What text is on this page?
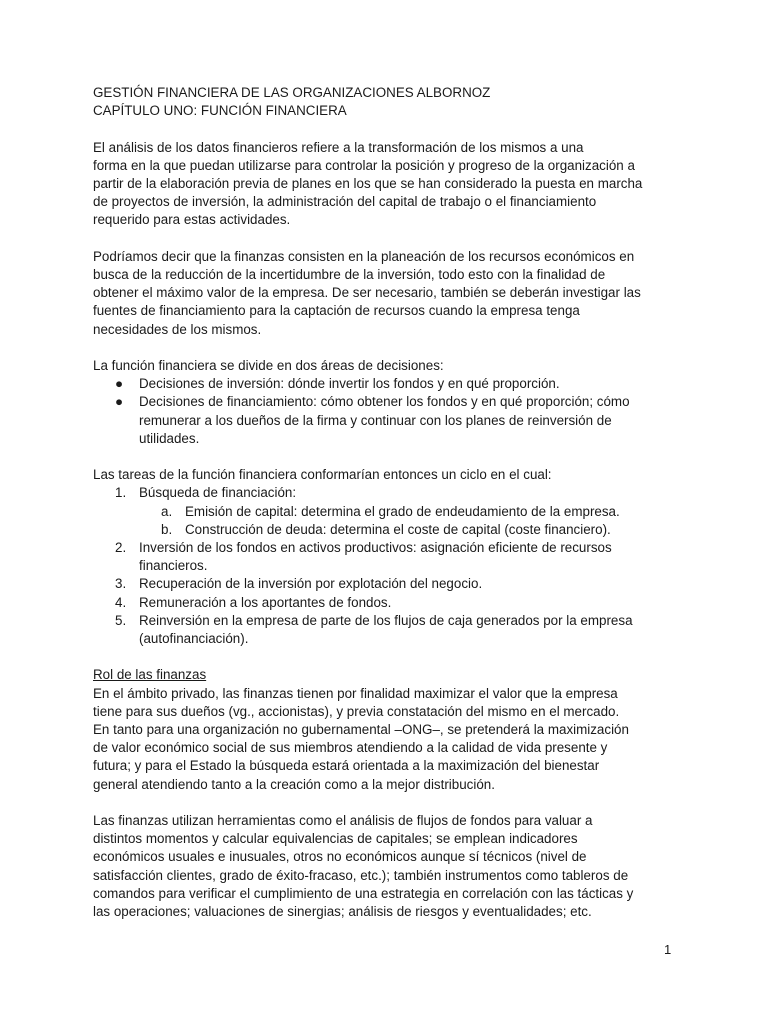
GESTIÓN FINANCIERA DE LAS ORGANIZACIONES ALBORNOZ
CAPÍTULO UNO: FUNCIÓN FINANCIERA
El análisis de los datos financieros refiere a la transformación de los mismos a una
forma en la que puedan utilizarse para controlar la posición y progreso de la organización a
partir de la elaboración previa de planes en los que se han considerado la puesta en marcha
de proyectos de inversión, la administración del capital de trabajo o el financiamiento
requerido para estas actividades.
Podríamos decir que la finanzas consisten en la planeación de los recursos económicos en
busca de la reducción de la incertidumbre de la inversión, todo esto con la finalidad de
obtener el máximo valor de la empresa. De ser necesario, también se deberán investigar las
fuentes de financiamiento para la captación de recursos cuando la empresa tenga
necesidades de los mismos.
La función financiera se divide en dos áreas de decisiones:
● Decisiones de inversión: dónde invertir los fondos y en qué proporción.
● Decisiones de financiamiento: cómo obtener los fondos y en qué proporción; cómo
remunerar a los dueños de la firma y continuar con los planes de reinversión de
utilidades.
Las tareas de la función financiera conformarían entonces un ciclo en el cual:
1. Búsqueda de financiación:
a. Emisión de capital: determina el grado de endeudamiento de la empresa.
b. Construcción de deuda: determina el coste de capital (coste financiero).
2. Inversión de los fondos en activos productivos: asignación eficiente de recursos
financieros.
3. Recuperación de la inversión por explotación del negocio.
4. Remuneración a los aportantes de fondos.
5. Reinversión en la empresa de parte de los flujos de caja generados por la empresa
(autofinanciación).
Rol de las finanzas
En el ámbito privado, las finanzas tienen por finalidad maximizar el valor que la empresa
tiene para sus dueños (vg., accionistas), y previa constatación del mismo en el mercado.
En tanto para una organización no gubernamental –ONG–, se pretenderá la maximización
de valor económico social de sus miembros atendiendo a la calidad de vida presente y
futura; y para el Estado la búsqueda estará orientada a la maximización del bienestar
general atendiendo tanto a la creación como a la mejor distribución.
Las finanzas utilizan herramientas como el análisis de flujos de fondos para valuar a
distintos momentos y calcular equivalencias de capitales; se emplean indicadores
económicos usuales e inusuales, otros no económicos aunque sí técnicos (nivel de
satisfacción clientes, grado de éxito-fracaso, etc.); también instrumentos como tableros de
comandos para verificar el cumplimiento de una estrategia en correlación con las tácticas y
las operaciones; valuaciones de sinergias; análisis de riesgos y eventualidades; etc.
1
